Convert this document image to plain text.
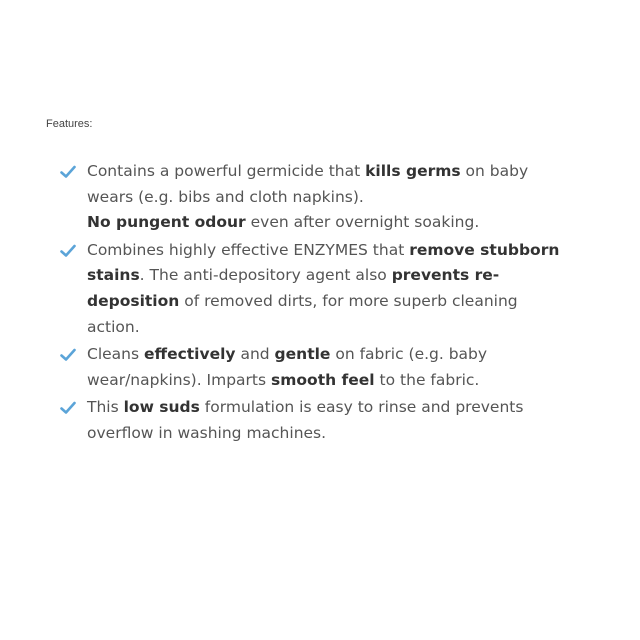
Features:
Contains a powerful germicide that kills germs on baby wears (e.g. bibs and cloth napkins).
No pungent odour even after overnight soaking.
Combines highly effective ENZYMES that remove stubborn stains. The anti-depository agent also prevents re-deposition of removed dirts, for more superb cleaning action.
Cleans effectively and gentle on fabric (e.g. baby wear/napkins). Imparts smooth feel to the fabric.
This low suds formulation is easy to rinse and prevents overflow in washing machines.
